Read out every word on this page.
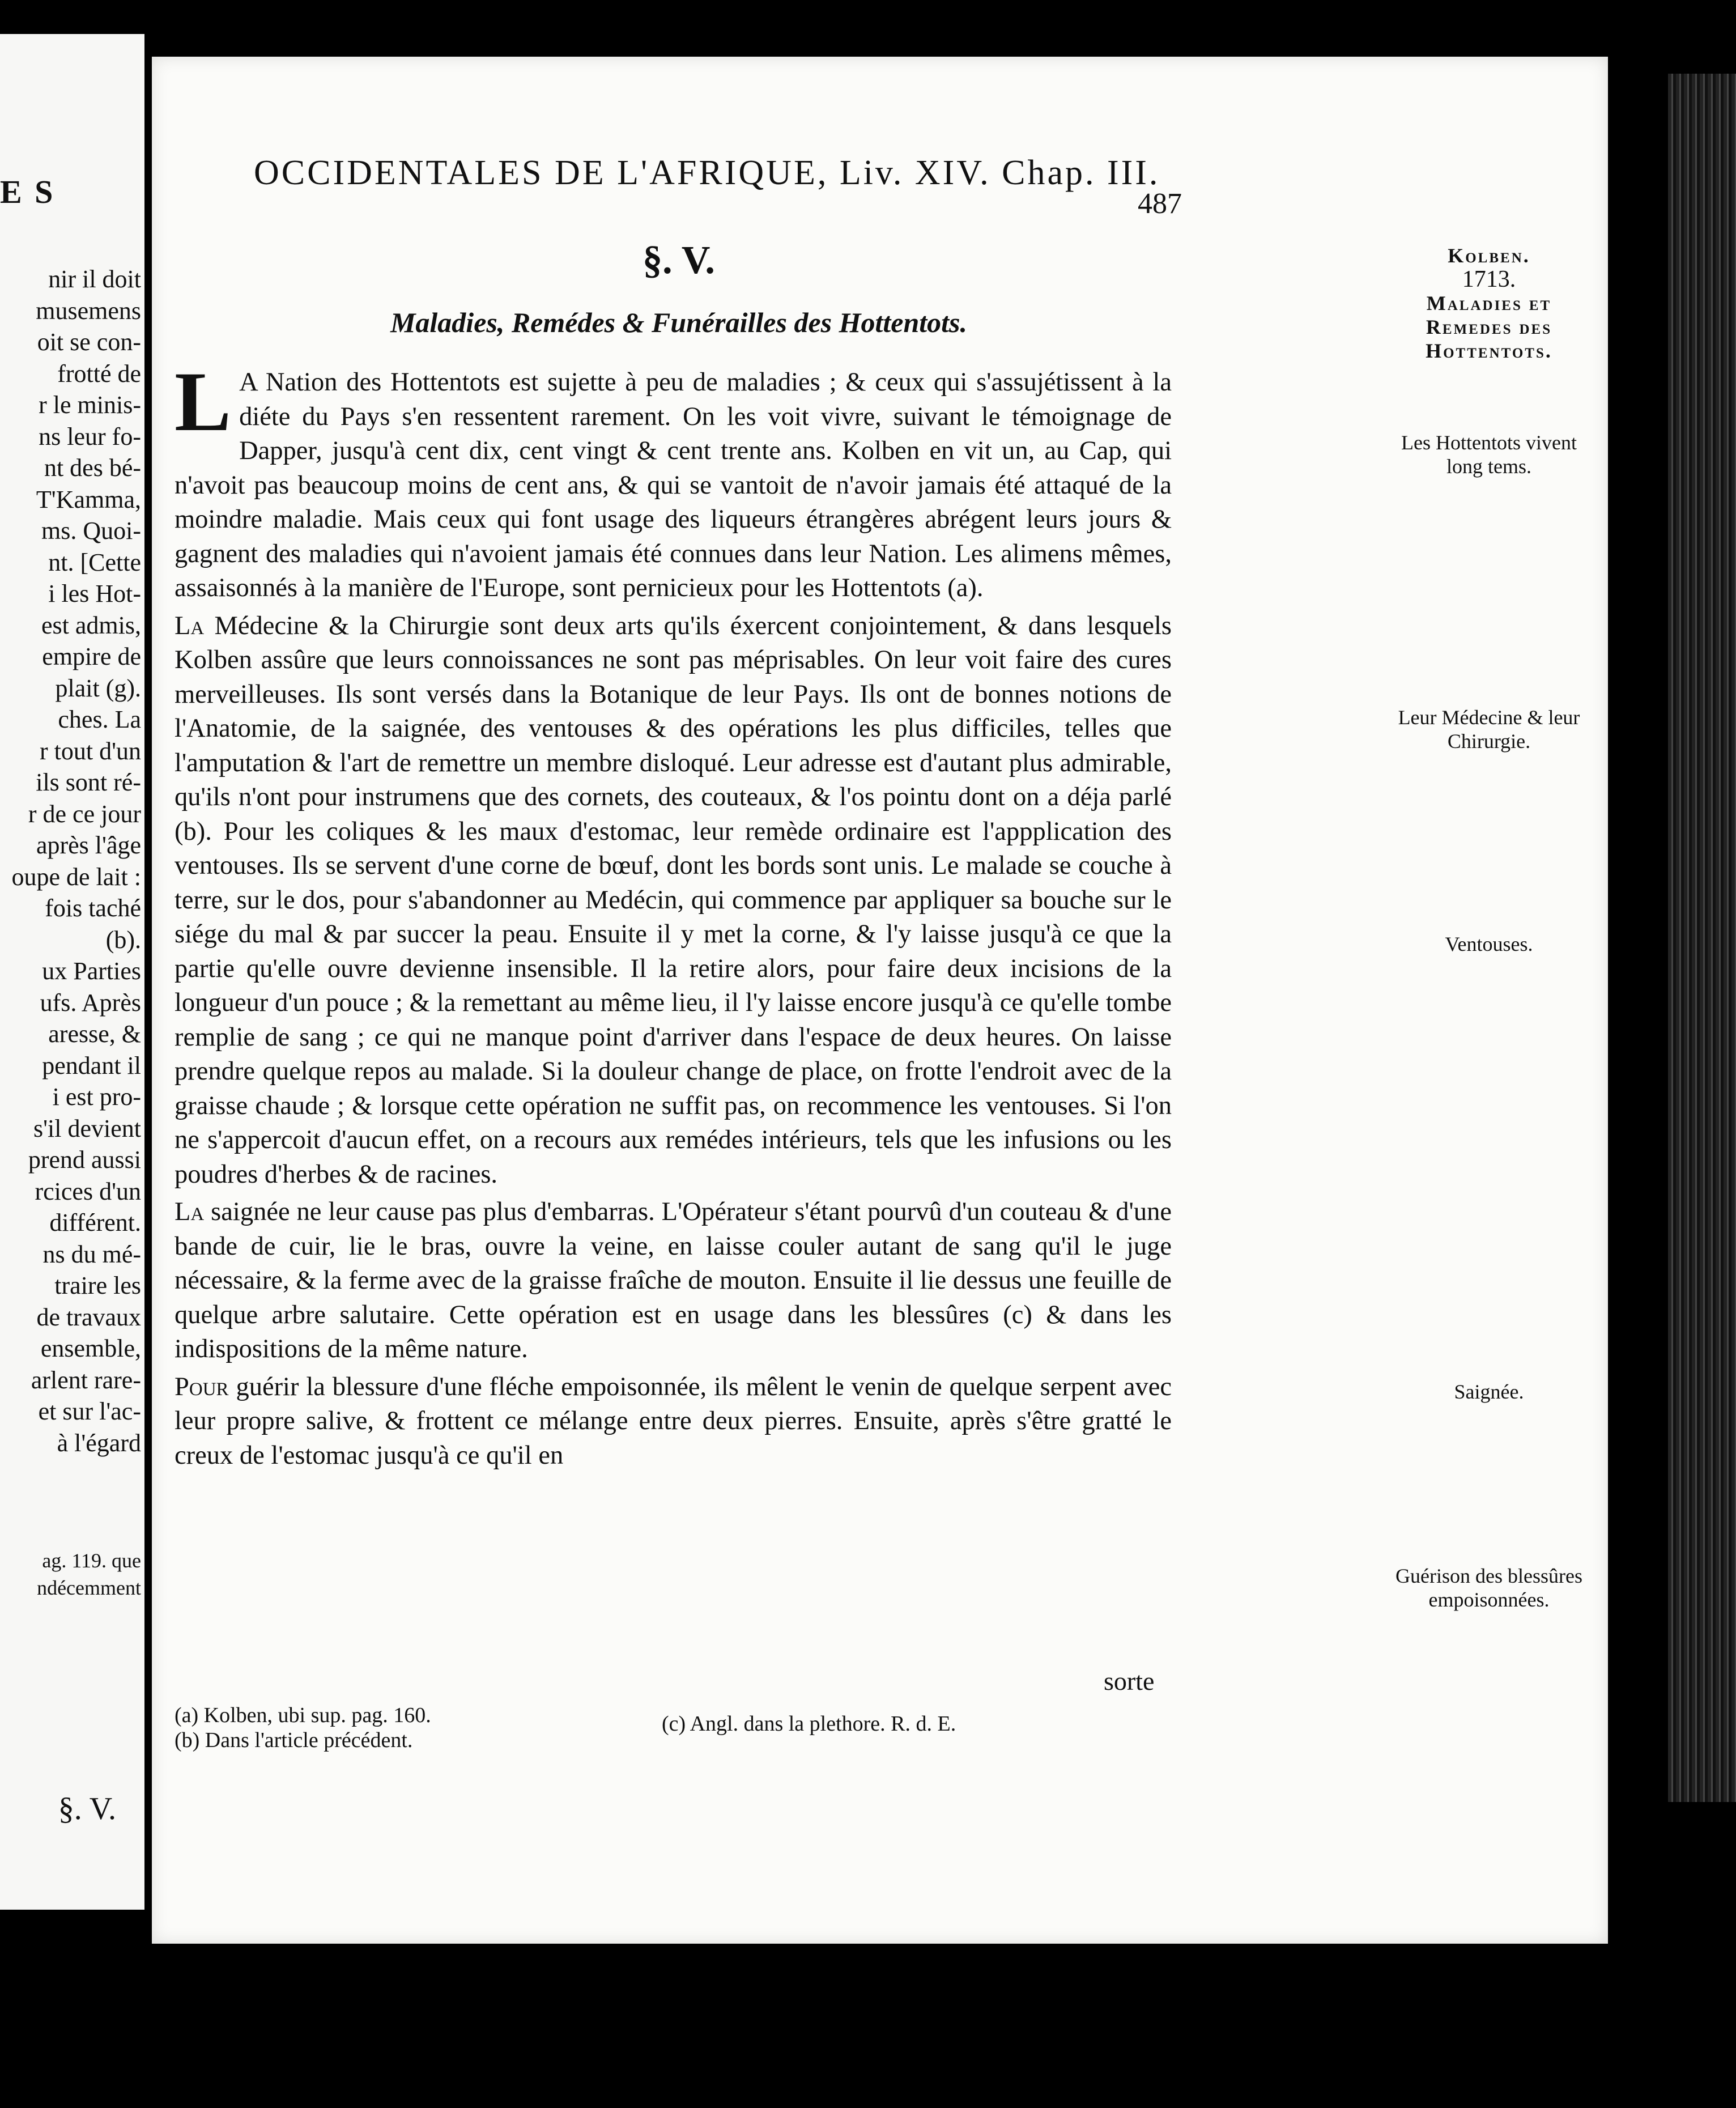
E S
nir il doit
musemens
oit se con-
frotté de
r le minis-
ns leur fo-
nt des bé-
T'Kamma,
ms. Quoi-
nt. [Cette
i les Hot-
est admis,
empire de
plait (g).
ches. La
r tout d'un
ils sont ré-
r de ce jour
après l'âge
oupe de lait :
fois taché
(b).
ux Parties
ufs. Après
aresse, &
pendant il
i est pro-
s'il devient
prend aussi
rcices d'un
différent.
ns du mé-
traire les
de travaux
ensemble,
arlent rare-
et sur l'ac-
à l'égard
ag. 119. que
ndécemment
§. V.
OCCIDENTALES DE L'AFRIQUE, Liv. XIV. Chap. III.
487
§. V.
Maladies, Remédes & Funérailles des Hottentots.

L A Nation des Hottentots est sujette à peu de maladies ; & ceux qui s'assujétissent à la diéte du Pays s'en ressentent rarement. On les voit vivre, suivant le témoignage de Dapper, jusqu'à cent dix, cent vingt & cent trente ans. Kolben en vit un, au Cap, qui n'avoit pas beaucoup moins de cent ans, & qui se vantoit de n'avoir jamais été attaqué de la moindre maladie. Mais ceux qui font usage des liqueurs étrangères abrégent leurs jours & gagnent des maladies qui n'avoient jamais été connues dans leur Nation. Les alimens mêmes, assaisonnés à la manière de l'Europe, sont pernicieux pour les Hottentots (a).

La Médecine & la Chirurgie sont deux arts qu'ils éxercent conjointement, & dans lesquels Kolben assûre que leurs connoissances ne sont pas méprisables. On leur voit faire des cures merveilleuses. Ils sont versés dans la Botanique de leur Pays. Ils ont de bonnes notions de l'Anatomie, de la saignée, des ventouses & des opérations les plus difficiles, telles que l'amputation & l'art de remettre un membre disloqué. Leur adresse est d'autant plus admirable, qu'ils n'ont pour instrumens que des cornets, des couteaux, & l'os pointu dont on a déja parlé (b). Pour les coliques & les maux d'estomac, leur remède ordinaire est l'appplication des ventouses. Ils se servent d'une corne de bœuf, dont les bords sont unis. Le malade se couche à terre, sur le dos, pour s'abandonner au Medécin, qui commence par appliquer sa bouche sur le siége du mal & par succer la peau. Ensuite il y met la corne, & l'y laisse jusqu'à ce que la partie qu'elle ouvre devienne insensible. Il la retire alors, pour faire deux incisions de la longueur d'un pouce ; & la remettant au même lieu, il l'y laisse encore jusqu'à ce qu'elle tombe remplie de sang ; ce qui ne manque point d'arriver dans l'espace de deux heures. On laisse prendre quelque repos au malade. Si la douleur change de place, on frotte l'endroit avec de la graisse chaude ; & lorsque cette opération ne suffit pas, on recommence les ventouses. Si l'on ne s'appercoit d'aucun effet, on a recours aux remédes intérieurs, tels que les infusions ou les poudres d'herbes & de racines.

La saignée ne leur cause pas plus d'embarras. L'Opérateur s'étant pourvû d'un couteau & d'une bande de cuir, lie le bras, ouvre la veine, en laisse couler autant de sang qu'il le juge nécessaire, & la ferme avec de la graisse fraîche de mouton. Ensuite il lie dessus une feuille de quelque arbre salutaire. Cette opération est en usage dans les blessûres (c) & dans les indispositions de la même nature.

Pour guérir la blessure d'une fléche empoisonnée, ils mêlent le venin de quelque serpent avec leur propre salive, & frottent ce mélange entre deux pierres. Ensuite, après s'être gratté le creux de l'estomac jusqu'à ce qu'il en

sorte
(a) Kolben, ubi sup. pag. 160.
(b) Dans l'article précédent.
(c) Angl. dans la plethore. R. d. E.
Kolben.
1713.
Maladies et Remedes des Hottentots.
Les Hottentots vivent long tems.
Leur Médecine & leur Chirurgie.
Ventouses.
Saignée.
Guérison des blessûres empoisonnées.
